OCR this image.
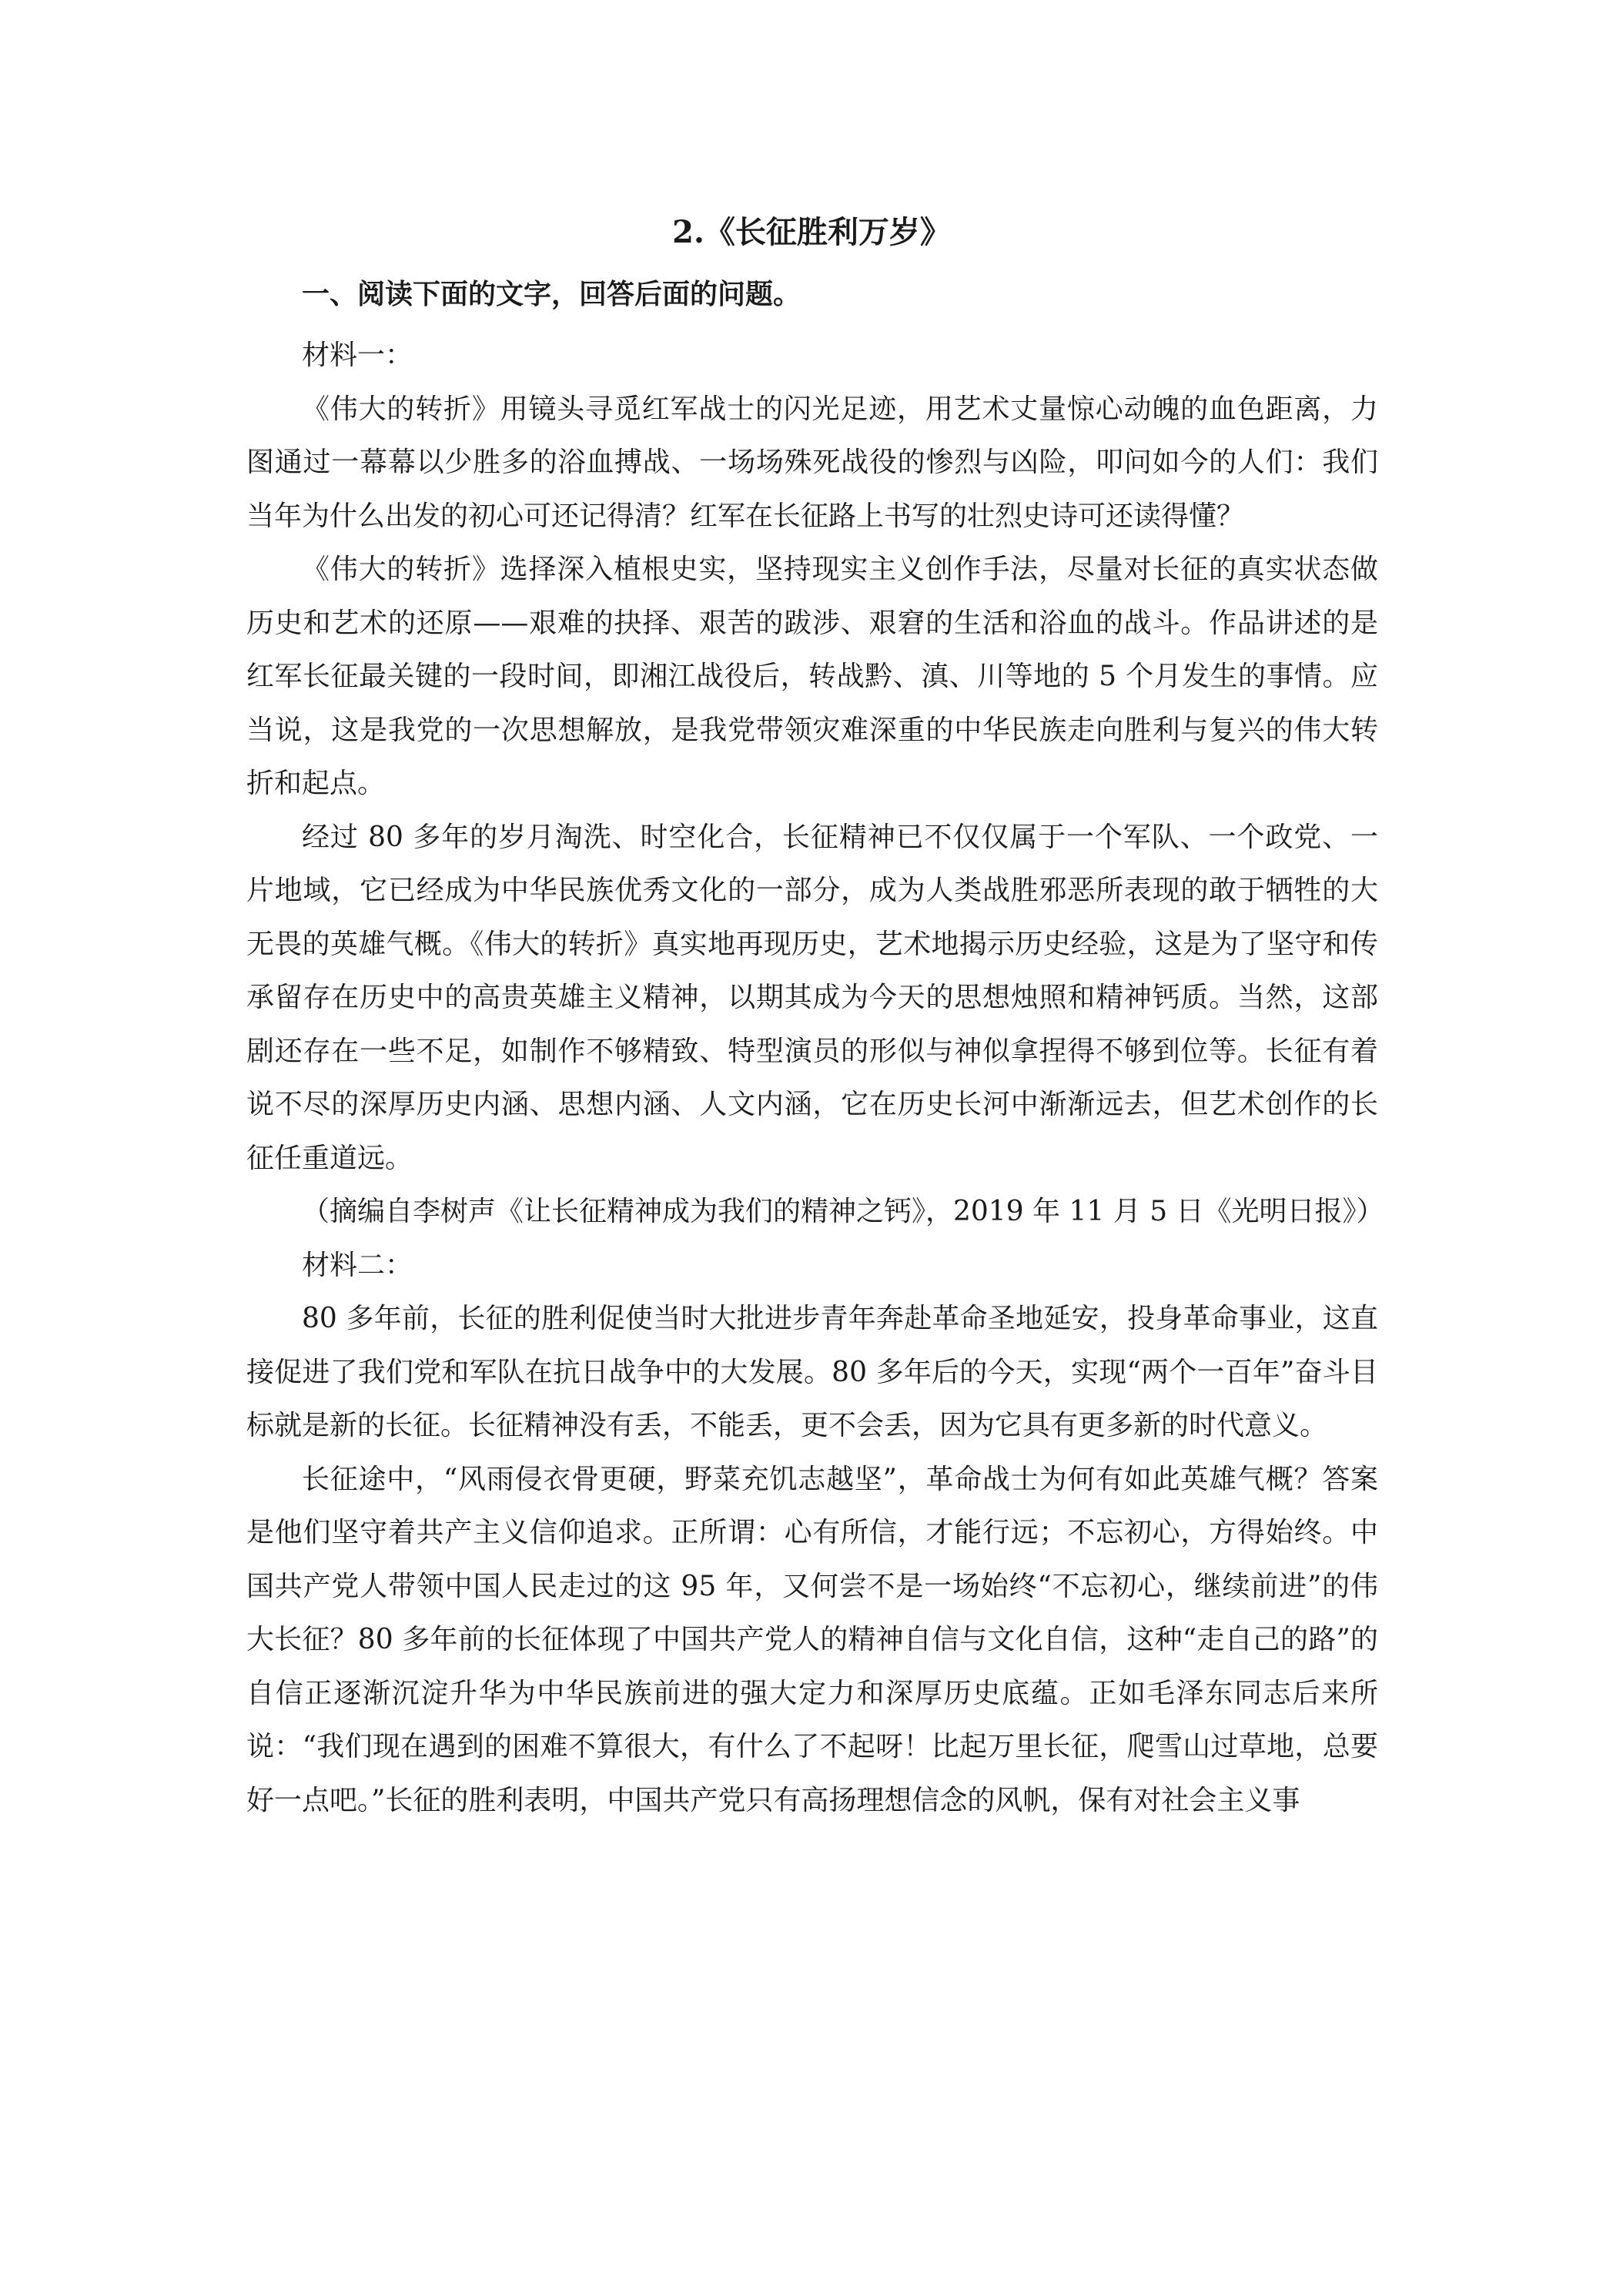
2.《长征胜利万岁》
一、阅读下面的文字，回答后面的问题。

材料一：

《伟大的转折》用镜头寻觅红军战士的闪光足迹，用艺术丈量惊心动魄的血色距离，力图通过一幕幕以少胜多的浴血搏战、一场场殊死战役的惨烈与凶险，叩问如今的人们：我们当年为什么出发的初心可还记得清？红军在长征路上书写的壮烈史诗可还读得懂？

《伟大的转折》选择深入植根史实，坚持现实主义创作手法，尽量对长征的真实状态做历史和艺术的还原——艰难的抉择、艰苦的跋涉、艰窘的生活和浴血的战斗。作品讲述的是红军长征最关键的一段时间，即湘江战役后，转战黔、滇、川等地的 5 个月发生的事情。应当说，这是我党的一次思想解放，是我党带领灾难深重的中华民族走向胜利与复兴的伟大转折和起点。

经过 80 多年的岁月淘洗、时空化合，长征精神已不仅仅属于一个军队、一个政党、一片地域，它已经成为中华民族优秀文化的一部分，成为人类战胜邪恶所表现的敢于牺牲的大无畏的英雄气概。《伟大的转折》真实地再现历史，艺术地揭示历史经验，这是为了坚守和传承留存在历史中的高贵英雄主义精神，以期其成为今天的思想烛照和精神钙质。当然，这部剧还存在一些不足，如制作不够精致、特型演员的形似与神似拿捏得不够到位等。长征有着说不尽的深厚历史内涵、思想内涵、人文内涵，它在历史长河中渐渐远去，但艺术创作的长征任重道远。

（摘编自李树声《让长征精神成为我们的精神之钙》，2019 年 11 月 5 日《光明日报》）

材料二：

80 多年前，长征的胜利促使当时大批进步青年奔赴革命圣地延安，投身革命事业，这直接促进了我们党和军队在抗日战争中的大发展。80 多年后的今天，实现“两个一百年”奋斗目标就是新的长征。长征精神没有丢，不能丢，更不会丢，因为它具有更多新的时代意义。

长征途中，“风雨侵衣骨更硬，野菜充饥志越坚”，革命战士为何有如此英雄气概？答案是他们坚守着共产主义信仰追求。正所谓：心有所信，才能行远；不忘初心，方得始终。中国共产党人带领中国人民走过的这 95 年，又何尝不是一场始终“不忘初心，继续前进”的伟大长征？80 多年前的长征体现了中国共产党人的精神自信与文化自信，这种“走自己的路”的自信正逐渐沉淀升华为中华民族前进的强大定力和深厚历史底蕴。正如毛泽东同志后来所说：“我们现在遇到的困难不算很大，有什么了不起呀！比起万里长征，爬雪山过草地，总要好一点吧。”长征的胜利表明，中国共产党只有高扬理想信念的风帆，保有对社会主义事
